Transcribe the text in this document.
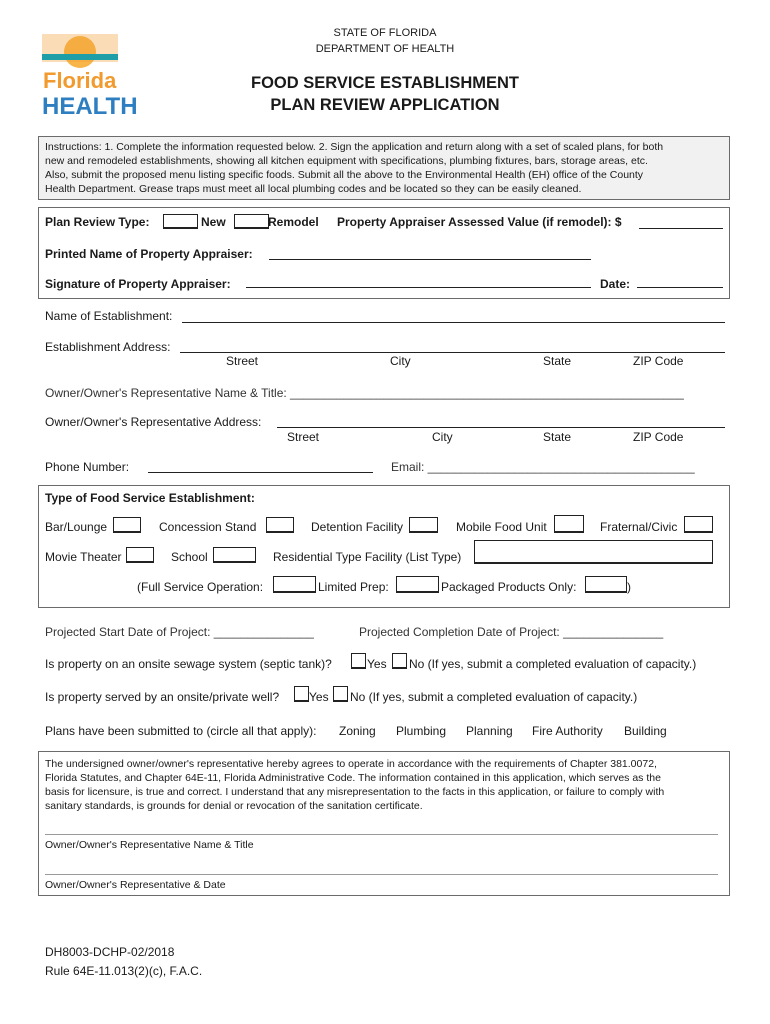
Florida
HEALTH
STATE OF FLORIDA
DEPARTMENT OF HEALTH
FOOD SERVICE ESTABLISHMENT
PLAN REVIEW APPLICATION
Instructions: 1. Complete the information requested below. 2. Sign the application and return along with a set of scaled plans, for both
new and remodeled establishments, showing all kitchen equipment with specifications, plumbing fixtures, bars, storage areas, etc.
Also, submit the proposed menu listing specific foods. Submit all the above to the Environmental Health (EH) office of the County
Health Department. Grease traps must meet all local plumbing codes and be located so they can be easily cleaned.
Plan Review Type:	New	Remodel Property Appraiser Assessed Value (if remodel): $
Printed Name of Property Appraiser:
Signature of Property Appraiser:	Date:
Name of Establishment:
Establishment Address:
Street	City	State	ZIP Code
Owner/Owner's Representative Name & Title: ___________________________________________________________
Owner/Owner's Representative Address:
Street	City	State	ZIP Code
Phone Number:	Email: ________________________________________
Type of Food Service Establishment:
Bar/Lounge	Concession Stand	Detention Facility	Mobile Food Unit	Fraternal/Civic
Movie Theater	School	Residential Type Facility (List Type)
(Full Service Operation:	Limited Prep:	Packaged Products Only:	)
Projected Start Date of Project: _______________	Projected Completion Date of Project: _______________
Is property on an onsite sewage system (septic tank)?	Yes No (If yes, submit a completed evaluation of capacity.)
Is property served by an onsite/private well? Yes No (If yes, submit a completed evaluation of capacity.)
Plans have been submitted to (circle all that apply): Zoning Plumbing Planning Fire Authority Building
The undersigned owner/owner's representative hereby agrees to operate in accordance with the requirements of Chapter 381.0072,
Florida Statutes, and Chapter 64E-11, Florida Administrative Code. The information contained in this application, which serves as the
basis for licensure, is true and correct. I understand that any misrepresentation to the facts in this application, or failure to comply with
sanitary standards, is grounds for denial or revocation of the sanitation certificate.
Owner/Owner's Representative Name & Title
Owner/Owner's Representative & Date
DH8003-DCHP-02/2018
Rule 64E-11.013(2)(c), F.A.C.
